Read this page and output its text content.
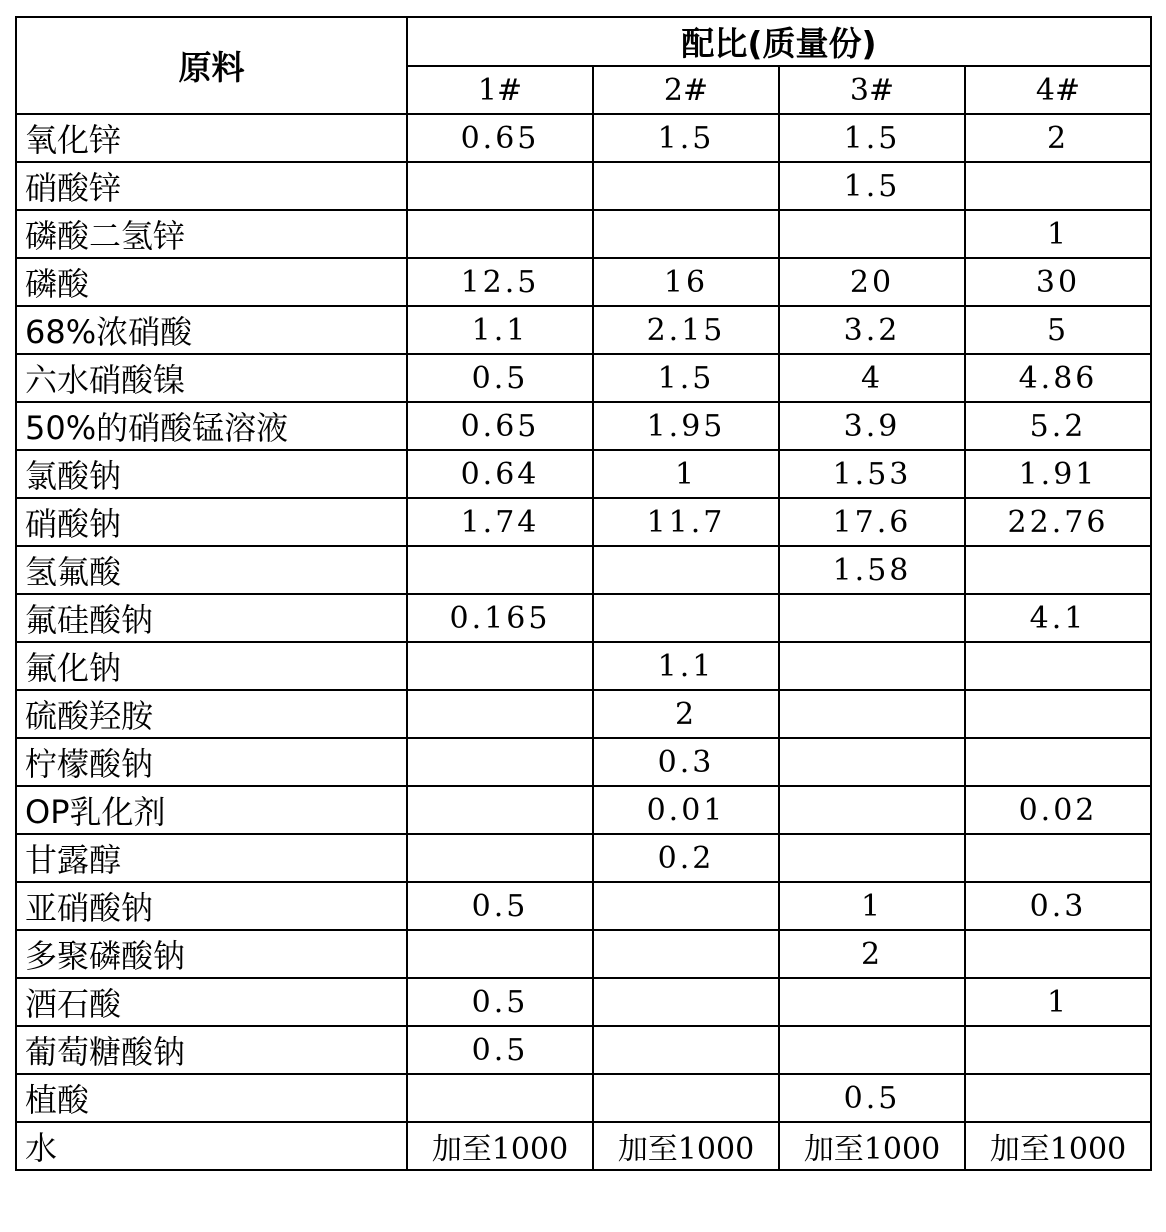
原料	配比(质量份)			
	1#	2#	3#	4#
氧化锌	0.65	1.5	1.5	2
硝酸锌			1.5	
磷酸二氢锌				1
磷酸	12.5	16	20	30
68%浓硝酸	1.1	2.15	3.2	5
六水硝酸镍	0.5	1.5	4	4.86
50%的硝酸锰溶液	0.65	1.95	3.9	5.2
氯酸钠	0.64	1	1.53	1.91
硝酸钠	1.74	11.7	17.6	22.76
氢氟酸			1.58	
氟硅酸钠	0.165			4.1
氟化钠		1.1		
硫酸羟胺		2		
柠檬酸钠		0.3		
OP乳化剂		0.01		0.02
甘露醇		0.2		
亚硝酸钠	0.5		1	0.3
多聚磷酸钠			2	
酒石酸	0.5			1
葡萄糖酸钠	0.5			
植酸			0.5	
水	加至1000	加至1000	加至1000	加至1000
